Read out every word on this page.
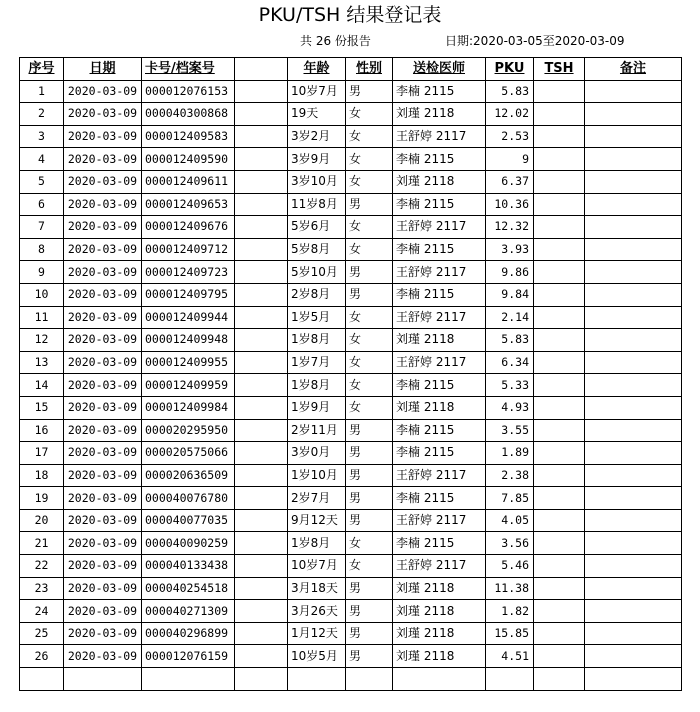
PKU/TSH 结果登记表
共 26 份报告	日期:2020-03-05至2020-03-09
序号	日期	卡号/档案号		年龄	性别	送检医师	PKU	TSH	备注
1	2020-03-09	000012076153		10岁7月	男	李楠 2115	5.83		
2	2020-03-09	000040300868		19天	女	刘瑾 2118	12.02		
3	2020-03-09	000012409583		3岁2月	女	王舒婷 2117	2.53		
4	2020-03-09	000012409590		3岁9月	女	李楠 2115	9		
5	2020-03-09	000012409611		3岁10月	女	刘瑾 2118	6.37		
6	2020-03-09	000012409653		11岁8月	男	李楠 2115	10.36		
7	2020-03-09	000012409676		5岁6月	女	王舒婷 2117	12.32		
8	2020-03-09	000012409712		5岁8月	女	李楠 2115	3.93		
9	2020-03-09	000012409723		5岁10月	男	王舒婷 2117	9.86		
10	2020-03-09	000012409795		2岁8月	男	李楠 2115	9.84		
11	2020-03-09	000012409944		1岁5月	女	王舒婷 2117	2.14		
12	2020-03-09	000012409948		1岁8月	女	刘瑾 2118	5.83		
13	2020-03-09	000012409955		1岁7月	女	王舒婷 2117	6.34		
14	2020-03-09	000012409959		1岁8月	女	李楠 2115	5.33		
15	2020-03-09	000012409984		1岁9月	女	刘瑾 2118	4.93		
16	2020-03-09	000020295950		2岁11月	男	李楠 2115	3.55		
17	2020-03-09	000020575066		3岁0月	男	李楠 2115	1.89		
18	2020-03-09	000020636509		1岁10月	男	王舒婷 2117	2.38		
19	2020-03-09	000040076780		2岁7月	男	李楠 2115	7.85		
20	2020-03-09	000040077035		9月12天	男	王舒婷 2117	4.05		
21	2020-03-09	000040090259		1岁8月	女	李楠 2115	3.56		
22	2020-03-09	000040133438		10岁7月	女	王舒婷 2117	5.46		
23	2020-03-09	000040254518		3月18天	男	刘瑾 2118	11.38		
24	2020-03-09	000040271309		3月26天	男	刘瑾 2118	1.82		
25	2020-03-09	000040296899		1月12天	男	刘瑾 2118	15.85		
26	2020-03-09	000012076159		10岁5月	男	刘瑾 2118	4.51		
